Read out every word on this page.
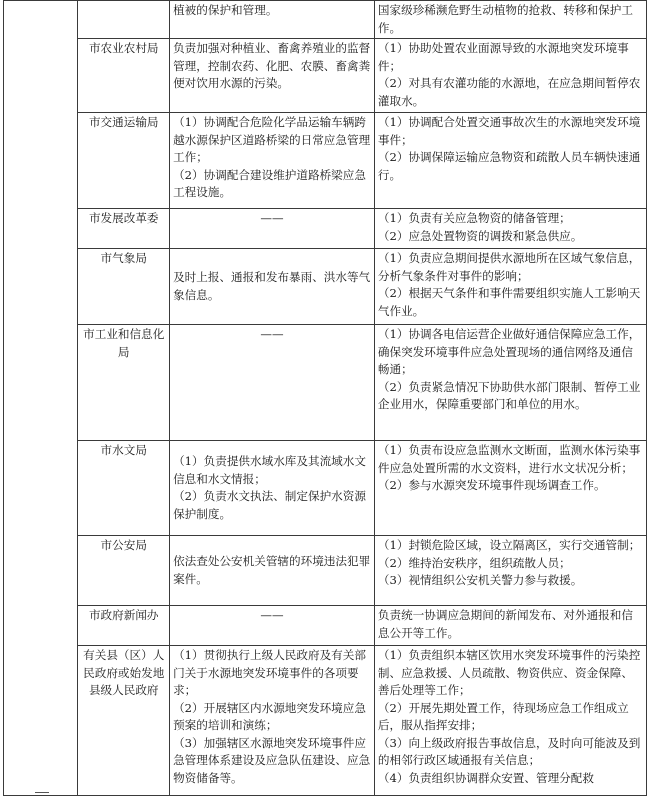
		植被的保护和管理。	国家级珍稀濒危野生动植物的抢救、转移和保护工作。

	市农业农村局	负责加强对种植业、畜禽养殖业的监督管理，控制农药、化肥、农膜、畜禽粪便对饮用水源的污染。	（1）协助处置农业面源导致的水源地突发环境事件；
（2）对具有农灌功能的水源地，在应急期间暂停农灌取水。

	市交通运输局	（1）协调配合危险化学品运输车辆跨越水源保护区道路桥梁的日常应急管理工作；
（2）协调配合建设维护道路桥梁应急工程设施。	（1）协调配合处置交通事故次生的水源地突发环境事件；
（2）协调保障运输应急物资和疏散人员车辆快速通行。

	市发展改革委	——	（1）负责有关应急物资的储备管理；
（2）应急处置物资的调拨和紧急供应。

	市气象局	及时上报、通报和发布暴雨、洪水等气象信息。	（1）负责应急期间提供水源地所在区域气象信息，分析气象条件对事件的影响；
（2）根据天气条件和事件需要组织实施人工影响天气作业。

	市工业和信息化局	——	（1）协调各电信运营企业做好通信保障应急工作，确保突发环境事件应急处置现场的通信网络及通信畅通；
（2）负责紧急情况下协助供水部门限制、暂停工业企业用水，保障重要部门和单位的用水。

	市水文局	（1）负责提供水域水库及其流域水文信息和水文情报；
（2）负责水文执法、制定保护水资源保护制度。	（1）负责布设应急监测水文断面，监测水体污染事件应急处置所需的水文资料，进行水文状况分析；
（2）参与水源突发环境事件现场调查工作。

	市公安局	依法查处公安机关管辖的环境违法犯罪案件。	（1）封锁危险区域，设立隔离区，实行交通管制；
（2）维持治安秩序，组织疏散人员；
（3）视情组织公安机关警力参与救援。

	市政府新闻办	——	负责统一协调应急期间的新闻发布、对外通报和信息公开等工作。

	有关县（区）人民政府或始发地县级人民政府	（1）贯彻执行上级人民政府及有关部门关于水源地突发环境事件的各项要求；
（2）开展辖区内水源地突发环境应急预案的培训和演练；
（3）加强辖区水源地突发环境事件应急管理体系建设及应急队伍建设、应急物资储备等。	（1）负责组织本辖区饮用水突发环境事件的污染控制、应急救援、人员疏散、物资供应、资金保障、善后处理等工作；
（2）开展先期处置工作，待现场应急工作组成立后，服从指挥安排；
（3）向上级政府报告事故信息，及时向可能波及到的相邻行政区域通报有关信息；
（4）负责组织协调群众安置、管理分配救
